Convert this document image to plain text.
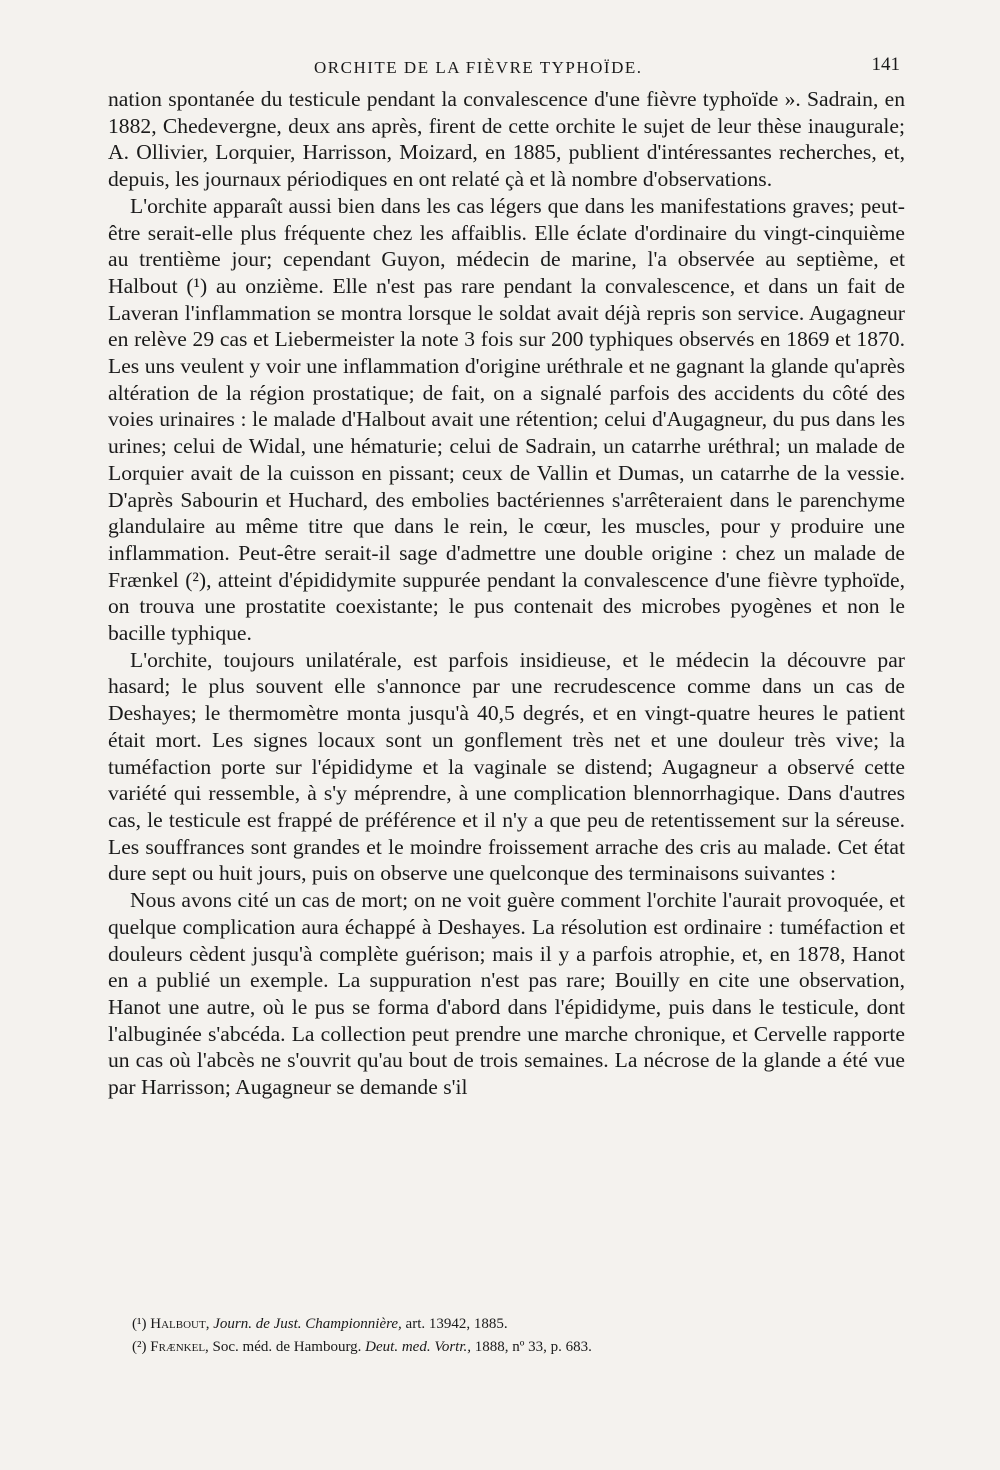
ORCHITE DE LA FIÈVRE TYPHOÏDE.	141

nation spontanée du testicule pendant la convalescence d'une fièvre typhoïde ». Sadrain, en 1882, Chedevergne, deux ans après, firent de cette orchite le sujet de leur thèse inaugurale; A. Ollivier, Lorquier, Harrisson, Moizard, en 1885, publient d'intéressantes recherches, et, depuis, les journaux périodiques en ont relaté çà et là nombre d'observations.

L'orchite apparaît aussi bien dans les cas légers que dans les manifestations graves; peut-être serait-elle plus fréquente chez les affaiblis. Elle éclate d'ordinaire du vingt-cinquième au trentième jour; cependant Guyon, médecin de marine, l'a observée au septième, et Halbout (¹) au onzième. Elle n'est pas rare pendant la convalescence, et dans un fait de Laveran l'inflammation se montra lorsque le soldat avait déjà repris son service. Augagneur en relève 29 cas et Liebermeister la note 3 fois sur 200 typhiques observés en 1869 et 1870. Les uns veulent y voir une inflammation d'origine uréthrale et ne gagnant la glande qu'après altération de la région prostatique; de fait, on a signalé parfois des accidents du côté des voies urinaires : le malade d'Halbout avait une rétention; celui d'Augagneur, du pus dans les urines; celui de Widal, une hématurie; celui de Sadrain, un catarrhe uréthral; un malade de Lorquier avait de la cuisson en pissant; ceux de Vallin et Dumas, un catarrhe de la vessie. D'après Sabourin et Huchard, des embolies bactériennes s'arrêteraient dans le parenchyme glandulaire au même titre que dans le rein, le cœur, les muscles, pour y produire une inflammation. Peut-être serait-il sage d'admettre une double origine : chez un malade de Frænkel (²), atteint d'épididymite suppurée pendant la convalescence d'une fièvre typhoïde, on trouva une prostatite coexistante; le pus contenait des microbes pyogènes et non le bacille typhique.

L'orchite, toujours unilatérale, est parfois insidieuse, et le médecin la découvre par hasard; le plus souvent elle s'annonce par une recrudescence comme dans un cas de Deshayes; le thermomètre monta jusqu'à 40,5 degrés, et en vingt-quatre heures le patient était mort. Les signes locaux sont un gonflement très net et une douleur très vive; la tuméfaction porte sur l'épididyme et la vaginale se distend; Augagneur a observé cette variété qui ressemble, à s'y méprendre, à une complication blennorrhagique. Dans d'autres cas, le testicule est frappé de préférence et il n'y a que peu de retentissement sur la séreuse. Les souffrances sont grandes et le moindre froissement arrache des cris au malade. Cet état dure sept ou huit jours, puis on observe une quelconque des terminaisons suivantes :

Nous avons cité un cas de mort; on ne voit guère comment l'orchite l'aurait provoquée, et quelque complication aura échappé à Deshayes. La résolution est ordinaire : tuméfaction et douleurs cèdent jusqu'à complète guérison; mais il y a parfois atrophie, et, en 1878, Hanot en a publié un exemple. La suppuration n'est pas rare; Bouilly en cite une observation, Hanot une autre, où le pus se forma d'abord dans l'épididyme, puis dans le testicule, dont l'albuginée s'abcéda. La collection peut prendre une marche chronique, et Cervelle rapporte un cas où l'abcès ne s'ouvrit qu'au bout de trois semaines. La nécrose de la glande a été vue par Harrisson; Augagneur se demande s'il

(¹) Halbout, Journ. de Just. Championnière, art. 13942, 1885.
(²) Frænkel, Soc. méd. de Hambourg. Deut. med. Vortr., 1888, nº 33, p. 683.
